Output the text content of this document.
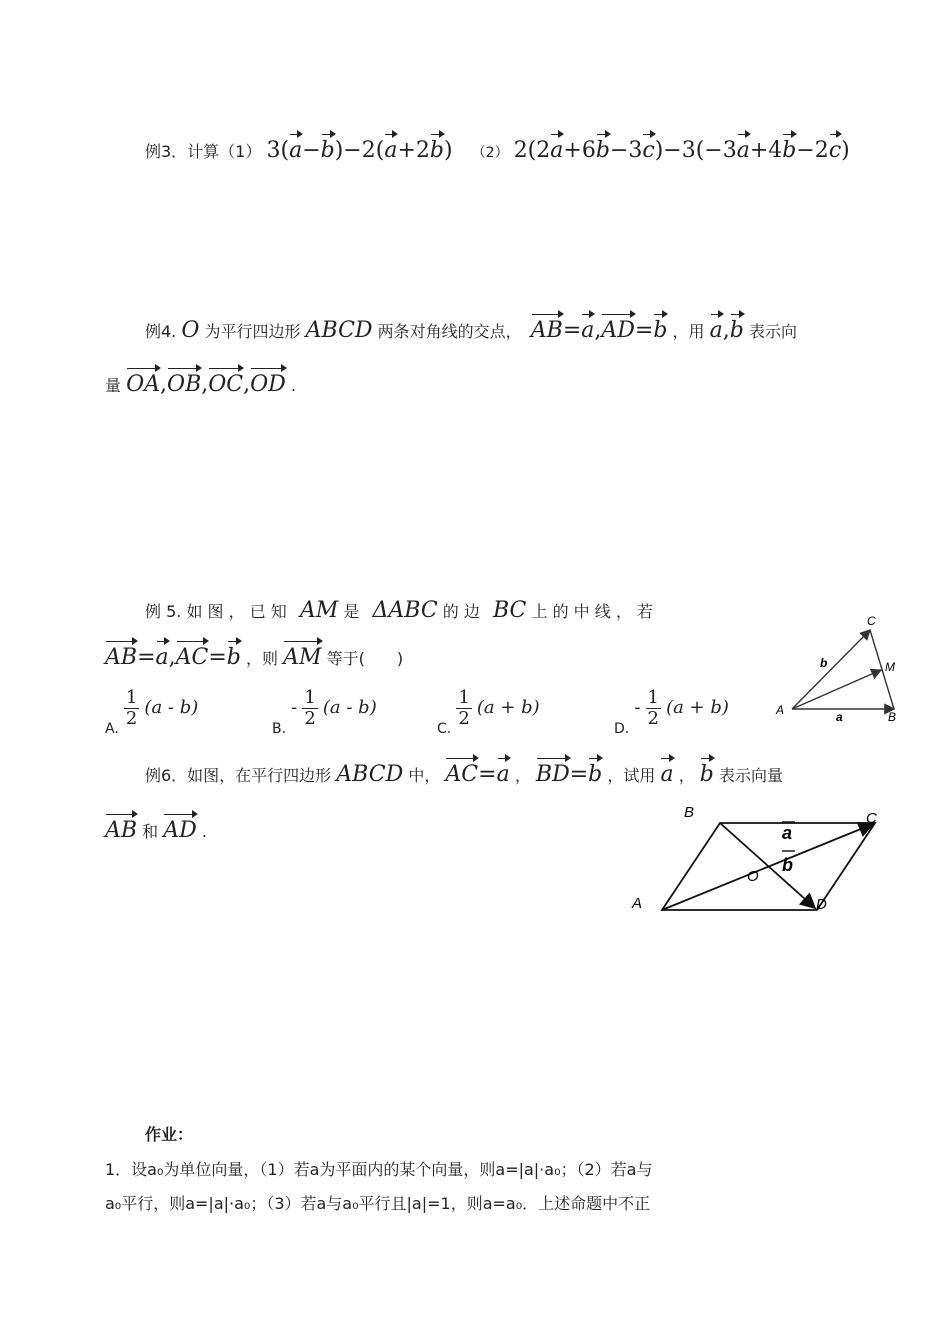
例3．计算（1） 3(a−b)−2(a+2b) （2） 2(2a+6b−3c)−3(−3a+4b−2c)
例4. O 为平行四边形 ABCD 两条对角线的交点， AB=a,AD=b ，用 a,b 表示向
量 OA,OB,OC,OD .
例 5. 如 图 ， 已 知 AM 是 ΔABC 的 边 BC 上 的 中 线 ， 若
AB=a,AC=b ，则 AM 等于(　　)
A. $\frac{1}{2} (a - b)$
B. - $\frac{1}{2} (a - b)$
C. $\frac{1}{2} (a + b)$
D. - $\frac{1}{2} (a + b)$	A	B
C
M
a
b
例6．如图，在平行四边形 ABCD 中， AC=a ， BD=b ，试用 a ， b 表示向量
AB 和 AD .
A
B	C
D
O
a
b
作业：
1．设a₀为单位向量，（1）若a为平面内的某个向量，则a=|a|·a₀；（2）若a与
a₀平行，则a=|a|·a₀；（3）若a与a₀平行且|a|=1，则a=a₀．上述命题中不正
